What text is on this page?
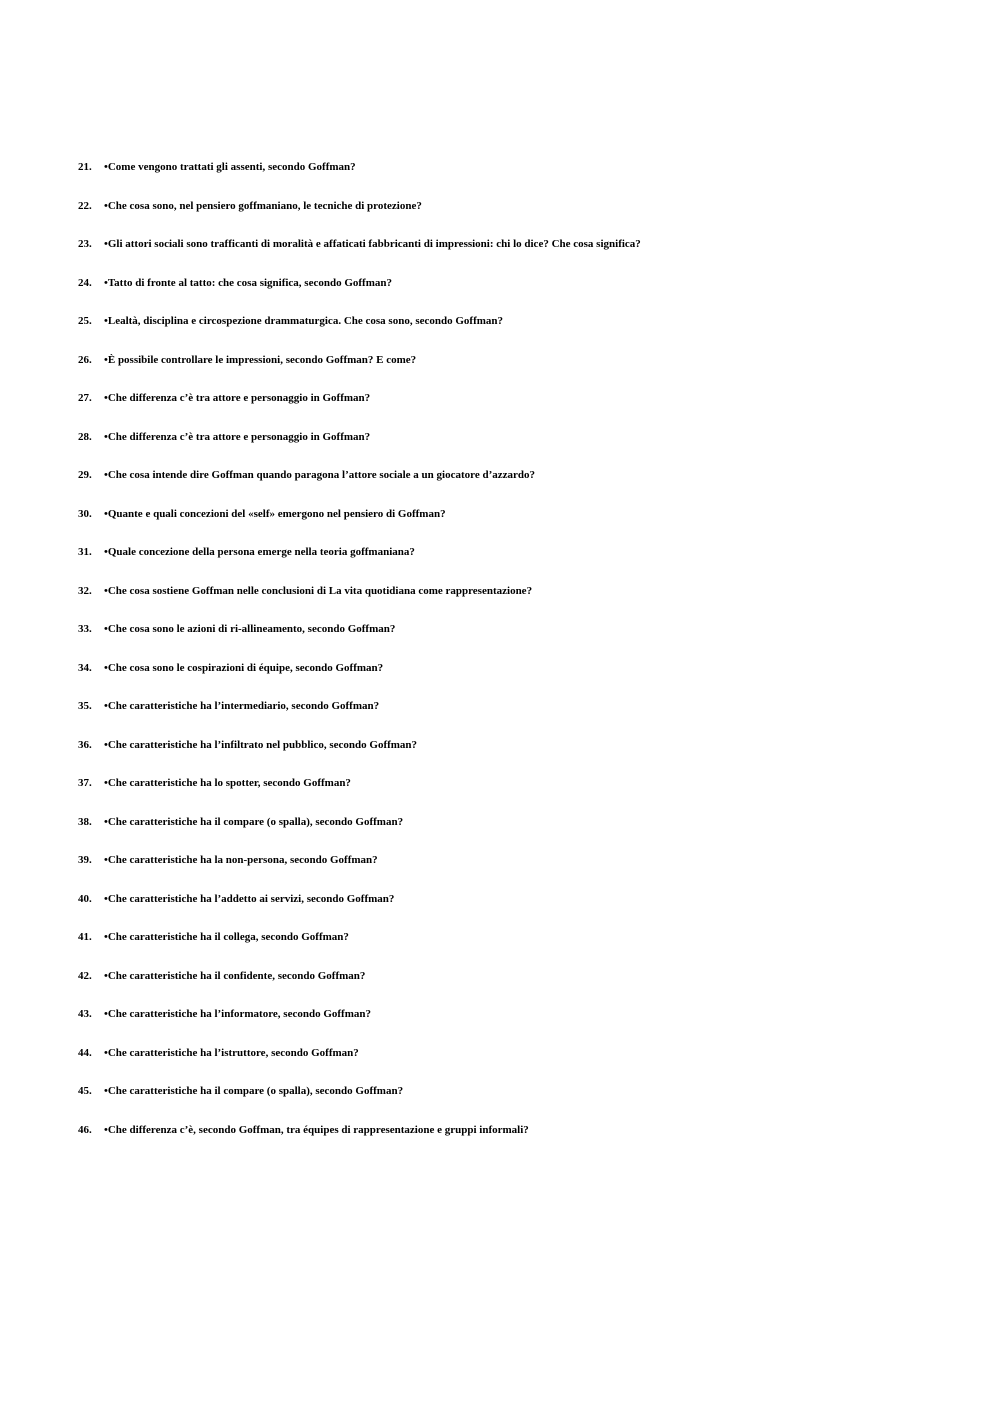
21.	•Come vengono trattati gli assenti, secondo Goffman?
22.	•Che cosa sono, nel pensiero goffmaniano, le tecniche di protezione?
23.	•Gli attori sociali sono trafficanti di moralità e affaticati fabbricanti di impressioni: chi lo dice? Che cosa significa?
24.	•Tatto di fronte al tatto: che cosa significa, secondo Goffman?
25.	•Lealtà, disciplina e circospezione drammaturgica. Che cosa sono, secondo Goffman?
26.	•È possibile controllare le impressioni, secondo Goffman? E come?
27.	•Che differenza c’è tra attore e personaggio in Goffman?
28.	•Che differenza c’è tra attore e personaggio in Goffman?
29.	•Che cosa intende dire Goffman quando paragona l’attore sociale a un giocatore d’azzardo?
30.	•Quante e quali concezioni del «self» emergono nel pensiero di Goffman?
31.	•Quale concezione della persona emerge nella teoria goffmaniana?
32.	•Che cosa sostiene Goffman nelle conclusioni di La vita quotidiana come rappresentazione?
33.	•Che cosa sono le azioni di ri-allineamento, secondo Goffman?
34.	•Che cosa sono le cospirazioni di équipe, secondo Goffman?
35.	•Che caratteristiche ha l’intermediario, secondo Goffman?
36.	•Che caratteristiche ha l’infiltrato nel pubblico, secondo Goffman?
37.	•Che caratteristiche ha lo spotter, secondo Goffman?
38.	•Che caratteristiche ha il compare (o spalla), secondo Goffman?
39.	•Che caratteristiche ha la non-persona, secondo Goffman?
40.	•Che caratteristiche ha l’addetto ai servizi, secondo Goffman?
41.	•Che caratteristiche ha il collega, secondo Goffman?
42.	•Che caratteristiche ha il confidente, secondo Goffman?
43.	•Che caratteristiche ha l’informatore, secondo Goffman?
44.	•Che caratteristiche ha l’istruttore, secondo Goffman?
45.	•Che caratteristiche ha il compare (o spalla), secondo Goffman?
46.	•Che differenza c’è, secondo Goffman, tra équipes di rappresentazione e gruppi informali?
